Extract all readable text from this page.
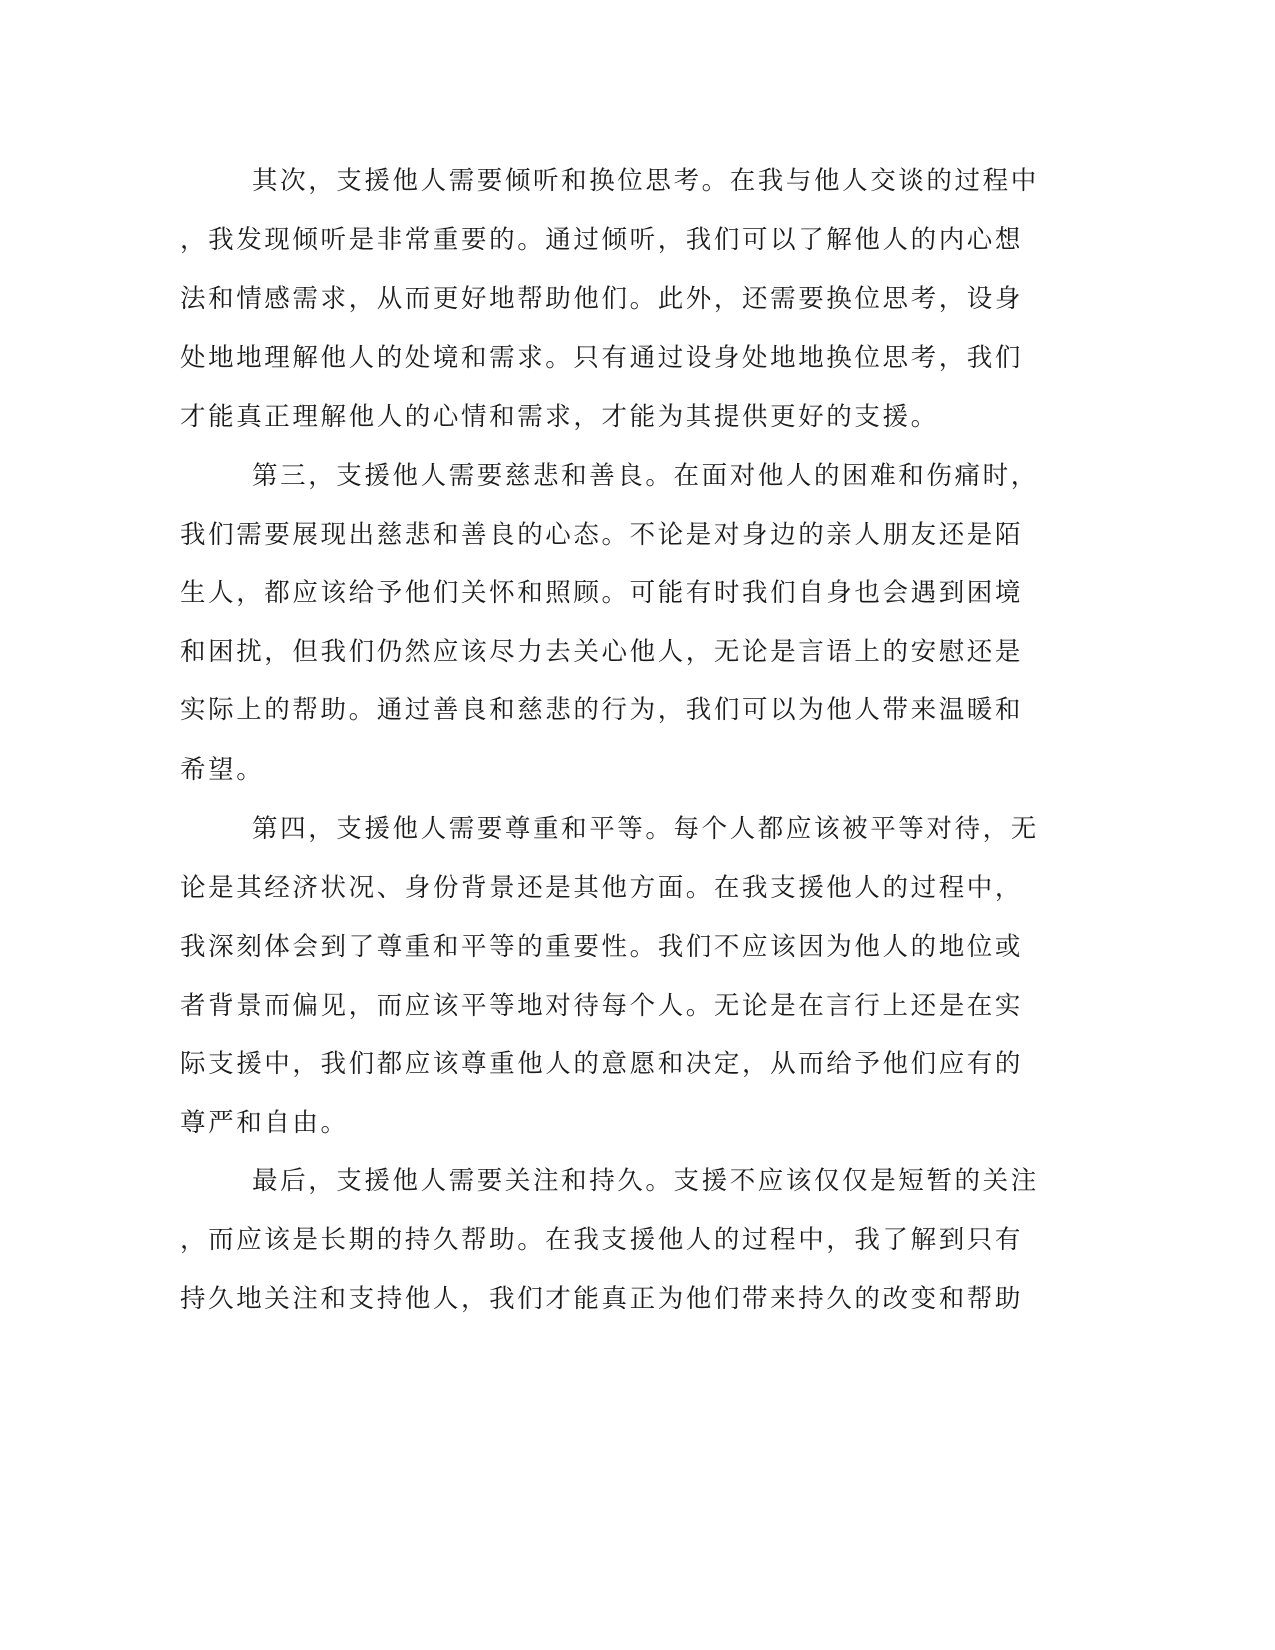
其次，支援他人需要倾听和换位思考。在我与他人交谈的过程中

，我发现倾听是非常重要的。通过倾听，我们可以了解他人的内心想

法和情感需求，从而更好地帮助他们。此外，还需要换位思考，设身

处地地理解他人的处境和需求。只有通过设身处地地换位思考，我们

才能真正理解他人的心情和需求，才能为其提供更好的支援。

第三，支援他人需要慈悲和善良。在面对他人的困难和伤痛时，

我们需要展现出慈悲和善良的心态。不论是对身边的亲人朋友还是陌

生人，都应该给予他们关怀和照顾。可能有时我们自身也会遇到困境

和困扰，但我们仍然应该尽力去关心他人，无论是言语上的安慰还是

实际上的帮助。通过善良和慈悲的行为，我们可以为他人带来温暖和

希望。

第四，支援他人需要尊重和平等。每个人都应该被平等对待，无

论是其经济状况、身份背景还是其他方面。在我支援他人的过程中，

我深刻体会到了尊重和平等的重要性。我们不应该因为他人的地位或

者背景而偏见，而应该平等地对待每个人。无论是在言行上还是在实

际支援中，我们都应该尊重他人的意愿和决定，从而给予他们应有的

尊严和自由。

最后，支援他人需要关注和持久。支援不应该仅仅是短暂的关注

，而应该是长期的持久帮助。在我支援他人的过程中，我了解到只有

持久地关注和支持他人，我们才能真正为他们带来持久的改变和帮助
